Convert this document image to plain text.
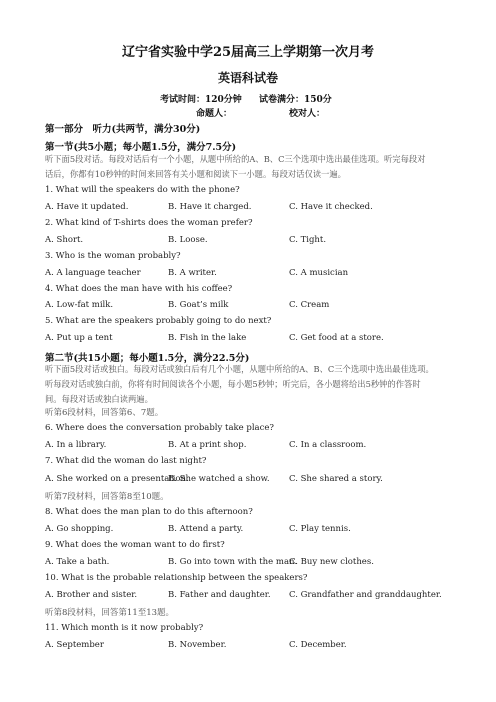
辽宁省实验中学25届高三上学期第一次月考
英语科试卷
考试时间：120分钟 试卷满分：150分
命题人：	校对人：
第一部分　听力(共两节，满分30分)
第一节(共5小题；每小题1.5分，满分7.5分)
听下面5段对话。每段对话后有一个小题，从题中所给的A、B、C三个选项中选出最佳选项。听完每段对
话后，你都有10秒钟的时间来回答有关小题和阅读下一小题。每段对话仅读一遍。
1. What will the speakers do with the phone?
A. Have it updated.	B. Have it charged.	C. Have it checked.
2. What kind of T-shirts does the woman prefer?
A. Short.	B. Loose.	C. Tight.
3. Who is the woman probably?
A. A language teacher	B. A writer.	C. A musician
4. What does the man have with his coffee?
A. Low-fat milk.	B. Goat’s milk	C. Cream
5. What are the speakers probably going to do next?
A. Put up a tent	B. Fish in the lake	C. Get food at a store.
第二节(共15小题；每小题1.5分，满分22.5分)
听下面5段对话或独白。每段对话或独白后有几个小题，从题中所给的A、B、C三个选项中选出最佳选项。
听每段对话或独白前，你将有时间阅读各个小题，每小题5秒钟；听完后，各小题将给出5秒钟的作答时
间。每段对话或独白读两遍。
听第6段材料，回答第6、7题。
6. Where does the conversation probably take place?
A. In a library.	B. At a print shop.	C. In a classroom.
7. What did the woman do last night?
A. She worked on a presentation.
B. She watched a show. C. She shared a story.
听第7段材料，回答第8至10题。
8. What does the man plan to do this afternoon?
A. Go shopping.	B. Attend a party.	C. Play tennis.
9. What does the woman want to do first?
A. Take a bath.	B. Go into town with the man.
C. Buy new clothes.
10. What is the probable relationship between the speakers?
A. Brother and sister.	B. Father and daughter. C. Grandfather and granddaughter.
听第8段材料，回答第11至13题。
11. Which month is it now probably?
A. September	B. November.	C. December.
